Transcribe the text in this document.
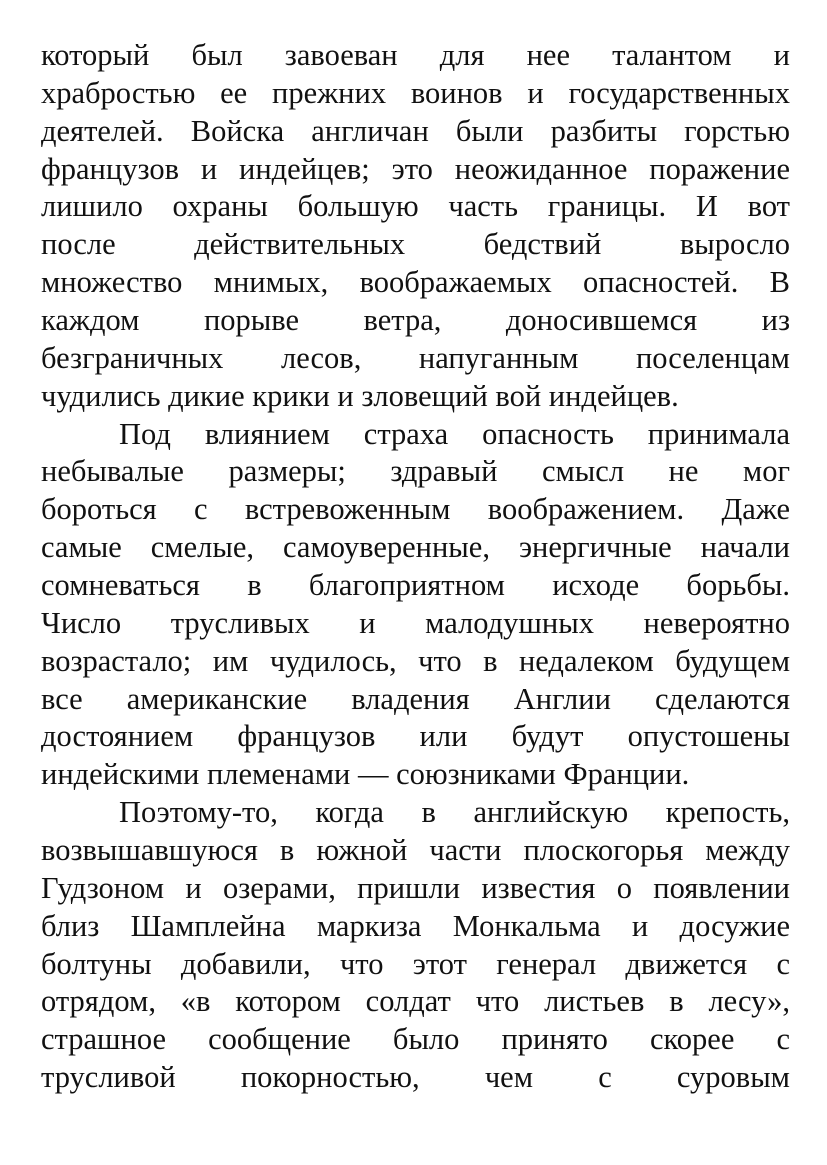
который был завоеван для нее талантом и
храбростью ее прежних воинов и государственных
деятелей. Войска англичан были разбиты горстью
французов и индейцев; это неожиданное поражение
лишило охраны большую часть границы. И вот
после действительных бедствий выросло
множество мнимых, воображаемых опасностей. В
каждом порыве ветра, доносившемся из
безграничных лесов, напуганным поселенцам
чудились дикие крики и зловещий вой индейцев.
Под влиянием страха опасность принимала
небывалые размеры; здравый смысл не мог
бороться с встревоженным воображением. Даже
самые смелые, самоуверенные, энергичные начали
сомневаться в благоприятном исходе борьбы.
Число трусливых и малодушных невероятно
возрастало; им чудилось, что в недалеком будущем
все американские владения Англии сделаются
достоянием французов или будут опустошены
индейскими племенами — союзниками Франции.
Поэтому-то, когда в английскую крепость,
возвышавшуюся в южной части плоскогорья между
Гудзоном и озерами, пришли известия о появлении
близ Шамплейна маркиза Монкальма и досужие
болтуны добавили, что этот генерал движется с
отрядом, «в котором солдат что листьев в лесу»,
страшное сообщение было принято скорее с
трусливой покорностью, чем с суровым
